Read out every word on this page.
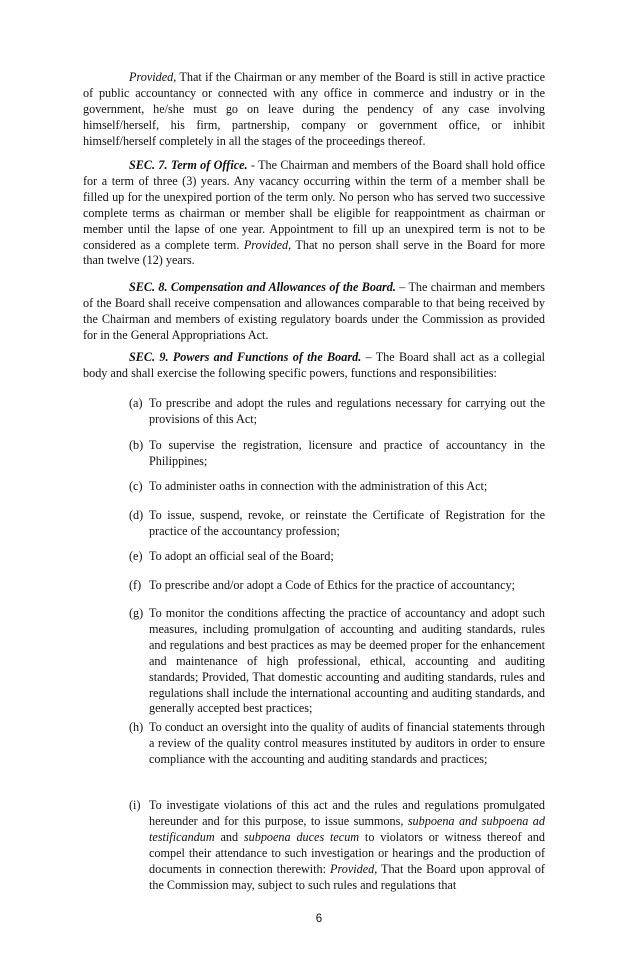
Provided, That if the Chairman or any member of the Board is still in active practice of public accountancy or connected with any office in commerce and industry or in the government, he/she must go on leave during the pendency of any case involving himself/herself, his firm, partnership, company or government office, or inhibit himself/herself completely in all the stages of the proceedings thereof.

SEC. 7. Term of Office. - The Chairman and members of the Board shall hold office for a term of three (3) years. Any vacancy occurring within the term of a member shall be filled up for the unexpired portion of the term only. No person who has served two successive complete terms as chairman or member shall be eligible for reappointment as chairman or member until the lapse of one year. Appointment to fill up an unexpired term is not to be considered as a complete term. Provided, That no person shall serve in the Board for more than twelve (12) years.

SEC. 8. Compensation and Allowances of the Board. – The chairman and members of the Board shall receive compensation and allowances comparable to that being received by the Chairman and members of existing regulatory boards under the Commission as provided for in the General Appropriations Act.

SEC. 9. Powers and Functions of the Board. – The Board shall act as a collegial body and shall exercise the following specific powers, functions and responsibilities:

(a) To prescribe and adopt the rules and regulations necessary for carrying out the provisions of this Act;
(b) To supervise the registration, licensure and practice of accountancy in the Philippines;
(c) To administer oaths in connection with the administration of this Act;
(d) To issue, suspend, revoke, or reinstate the Certificate of Registration for the practice of the accountancy profession;
(e) To adopt an official seal of the Board;
(f) To prescribe and/or adopt a Code of Ethics for the practice of accountancy;
(g) To monitor the conditions affecting the practice of accountancy and adopt such measures, including promulgation of accounting and auditing standards, rules and regulations and best practices as may be deemed proper for the enhancement and maintenance of high professional, ethical, accounting and auditing standards; Provided, That domestic accounting and auditing standards, rules and regulations shall include the international accounting and auditing standards, and generally accepted best practices;
(h) To conduct an oversight into the quality of audits of financial statements through a review of the quality control measures instituted by auditors in order to ensure compliance with the accounting and auditing standards and practices;
(i) To investigate violations of this act and the rules and regulations promulgated hereunder and for this purpose, to issue summons, subpoena and subpoena ad testificandum and subpoena duces tecum to violators or witness thereof and compel their attendance to such investigation or hearings and the production of documents in connection therewith: Provided, That the Board upon approval of the Commission may, subject to such rules and regulations that
6
